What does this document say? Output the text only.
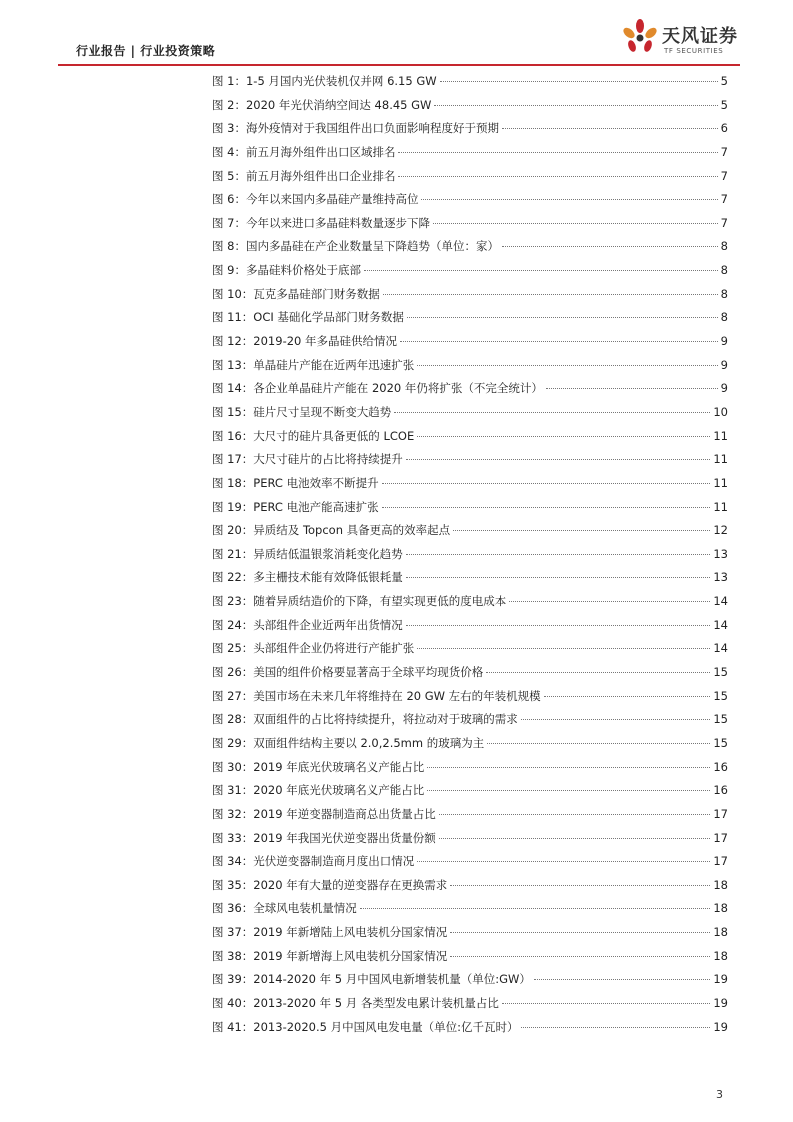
行业报告 | 行业投资策略
天风证券
TF SECURITIES
图 1： 1-5 月国内光伏装机仅并网 6.15 GW	5
图 2： 2020 年光伏消纳空间达 48.45 GW	5
图 3： 海外疫情对于我国组件出口负面影响程度好于预期	6
图 4： 前五月海外组件出口区域排名	7
图 5： 前五月海外组件出口企业排名	7
图 6： 今年以来国内多晶硅产量维持高位	7
图 7： 今年以来进口多晶硅料数量逐步下降	7
图 8： 国内多晶硅在产企业数量呈下降趋势（单位：家）	8
图 9： 多晶硅料价格处于底部	8
图 10： 瓦克多晶硅部门财务数据	8
图 11： OCI 基础化学品部门财务数据	8
图 12： 2019-20 年多晶硅供给情况	9
图 13： 单晶硅片产能在近两年迅速扩张	9
图 14： 各企业单晶硅片产能在 2020 年仍将扩张（不完全统计）	9
图 15： 硅片尺寸呈现不断变大趋势	10
图 16： 大尺寸的硅片具备更低的 LCOE	11
图 17： 大尺寸硅片的占比将持续提升	11
图 18： PERC 电池效率不断提升	11
图 19： PERC 电池产能高速扩张	11
图 20： 异质结及 Topcon 具备更高的效率起点	12
图 21： 异质结低温银浆消耗变化趋势	13
图 22： 多主栅技术能有效降低银耗量	13
图 23： 随着异质结造价的下降，有望实现更低的度电成本	14
图 24： 头部组件企业近两年出货情况	14
图 25： 头部组件企业仍将进行产能扩张	14
图 26： 美国的组件价格要显著高于全球平均现货价格	15
图 27： 美国市场在未来几年将维持在 20 GW 左右的年装机规模	15
图 28： 双面组件的占比将持续提升，将拉动对于玻璃的需求	15
图 29： 双面组件结构主要以 2.0,2.5mm 的玻璃为主	15
图 30： 2019 年底光伏玻璃名义产能占比	16
图 31： 2020 年底光伏玻璃名义产能占比	16
图 32： 2019 年逆变器制造商总出货量占比	17
图 33： 2019 年我国光伏逆变器出货量份额	17
图 34： 光伏逆变器制造商月度出口情况	17
图 35： 2020 年有大量的逆变器存在更换需求	18
图 36： 全球风电装机量情况	18
图 37： 2019 年新增陆上风电装机分国家情况	18
图 38： 2019 年新增海上风电装机分国家情况	18
图 39： 2014-2020 年 5 月中国风电新增装机量（单位:GW）	19
图 40： 2013-2020 年 5 月 各类型发电累计装机量占比	19
图 41： 2013-2020.5 月中国风电发电量（单位:亿千瓦时）	19
3
